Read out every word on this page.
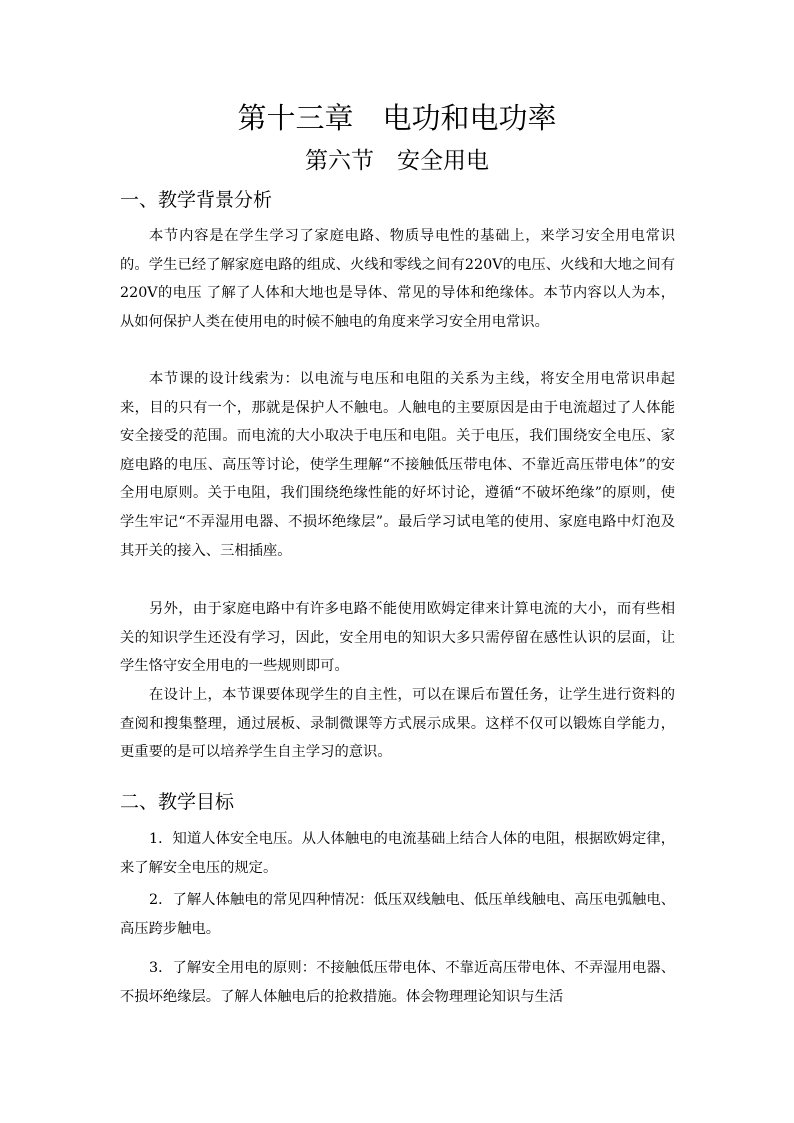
第十三章　电功和电功率
第六节　安全用电
一、教学背景分析

本节内容是在学生学习了家庭电路、物质导电性的基础上，来学习安全用电常识的。学生已经了解家庭电路的组成、火线和零线之间有220V的电压、火线和大地之间有220V的电压 了解了人体和大地也是导体、常见的导体和绝缘体。本节内容以人为本，从如何保护人类在使用电的时候不触电的角度来学习安全用电常识。

本节课的设计线索为：以电流与电压和电阻的关系为主线，将安全用电常识串起来，目的只有一个，那就是保护人不触电。人触电的主要原因是由于电流超过了人体能安全接受的范围。而电流的大小取决于电压和电阻。关于电压，我们围绕安全电压、家庭电路的电压、高压等讨论，使学生理解“不接触低压带电体、不靠近高压带电体”的安全用电原则。关于电阻，我们围绕绝缘性能的好坏讨论，遵循“不破坏绝缘”的原则，使学生牢记“不弄湿用电器、不损坏绝缘层”。最后学习试电笔的使用、家庭电路中灯泡及其开关的接入、三相插座。

另外，由于家庭电路中有许多电路不能使用欧姆定律来计算电流的大小，而有些相关的知识学生还没有学习，因此，安全用电的知识大多只需停留在感性认识的层面，让学生恪守安全用电的一些规则即可。

在设计上，本节课要体现学生的自主性，可以在课后布置任务，让学生进行资料的查阅和搜集整理，通过展板、录制微课等方式展示成果。这样不仅可以锻炼自学能力，更重要的是可以培养学生自主学习的意识。

二、教学目标

1．知道人体安全电压。从人体触电的电流基础上结合人体的电阻，根据欧姆定律，来了解安全电压的规定。

2．了解人体触电的常见四种情况：低压双线触电、低压单线触电、高压电弧触电、高压跨步触电。

3．了解安全用电的原则：不接触低压带电体、不靠近高压带电体、不弄湿用电器、不损坏绝缘层。了解人体触电后的抢救措施。体会物理理论知识与生活
